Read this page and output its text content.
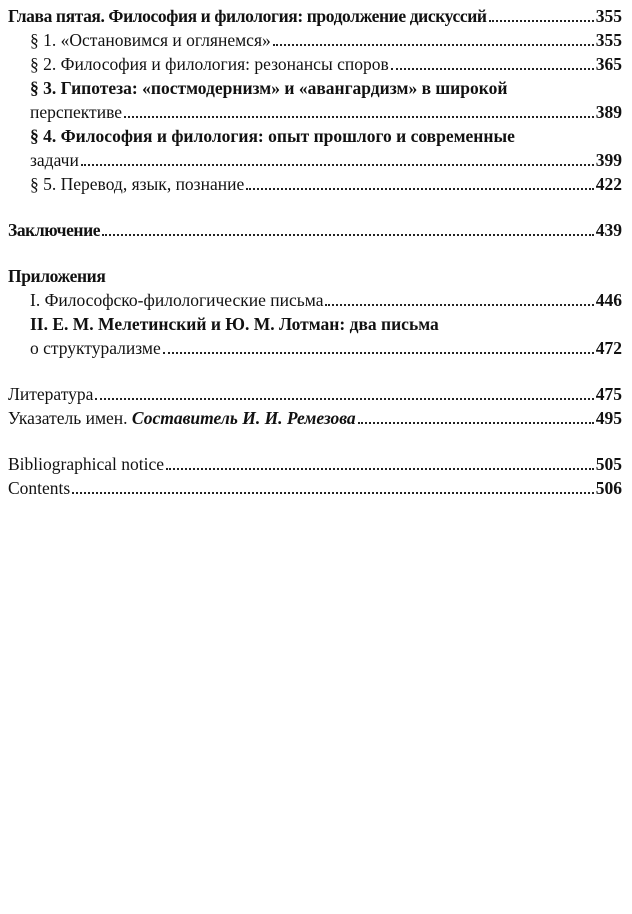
Глава пятая. Философия и филология: продолжение дискуссий	355
§ 1. «Остановимся и оглянемся»	355
§ 2. Философия и филология: резонансы споров	365
§ 3. Гипотеза: «постмодернизм» и «авангардизм» в широкой
перспективе	389
§ 4. Философия и филология: опыт прошлого и современные
задачи	399
§ 5. Перевод, язык, познание	422
Заключение	439
Приложения
I. Философско-филологические письма	446
II. Е. М. Мелетинский и Ю. М. Лотман: два письма
о структурализме	472
Литература	475
Указатель имен. Составитель И. И. Ремезова	495
Bibliographical notice	505
Contents	506
